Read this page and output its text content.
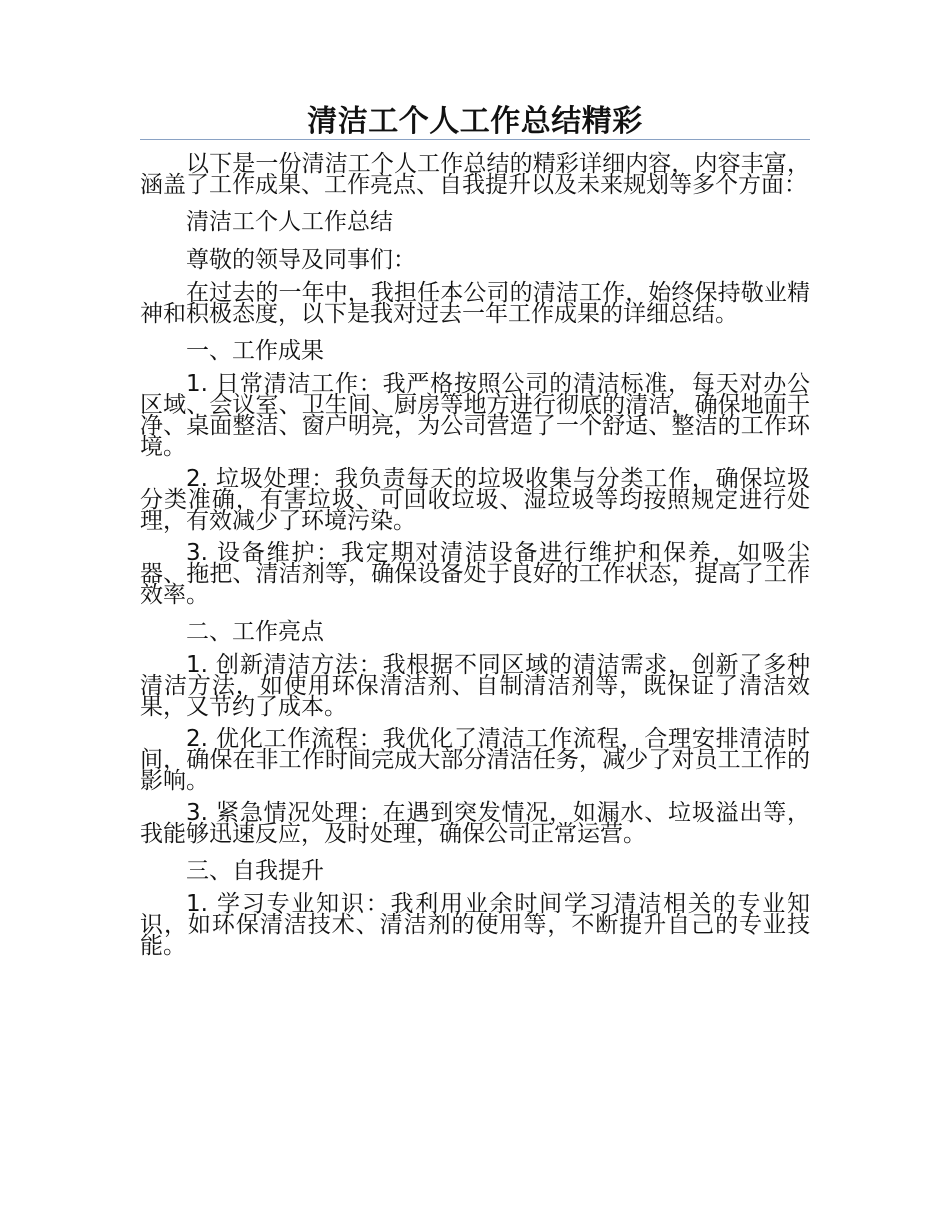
清洁工个人工作总结精彩

以下是一份清洁工个人工作总结的精彩详细内容，内容丰富，涵盖了工作成果、工作亮点、自我提升以及未来规划等多个方面：

清洁工个人工作总结

尊敬的领导及同事们：

在过去的一年中，我担任本公司的清洁工作，始终保持敬业精神和积极态度，以下是我对过去一年工作成果的详细总结。

一、工作成果

1. 日常清洁工作：我严格按照公司的清洁标准，每天对办公区域、会议室、卫生间、厨房等地方进行彻底的清洁，确保地面干净、桌面整洁、窗户明亮，为公司营造了一个舒适、整洁的工作环境。

2. 垃圾处理：我负责每天的垃圾收集与分类工作，确保垃圾分类准确，有害垃圾、可回收垃圾、湿垃圾等均按照规定进行处理，有效减少了环境污染。

3. 设备维护：我定期对清洁设备进行维护和保养，如吸尘器、拖把、清洁剂等，确保设备处于良好的工作状态，提高了工作效率。

二、工作亮点

1. 创新清洁方法：我根据不同区域的清洁需求，创新了多种清洁方法，如使用环保清洁剂、自制清洁剂等，既保证了清洁效果，又节约了成本。

2. 优化工作流程：我优化了清洁工作流程，合理安排清洁时间，确保在非工作时间完成大部分清洁任务，减少了对员工工作的影响。

3. 紧急情况处理：在遇到突发情况，如漏水、垃圾溢出等，我能够迅速反应，及时处理，确保公司正常运营。

三、自我提升

1. 学习专业知识：我利用业余时间学习清洁相关的专业知识，如环保清洁技术、清洁剂的使用等，不断提升自己的专业技能。
